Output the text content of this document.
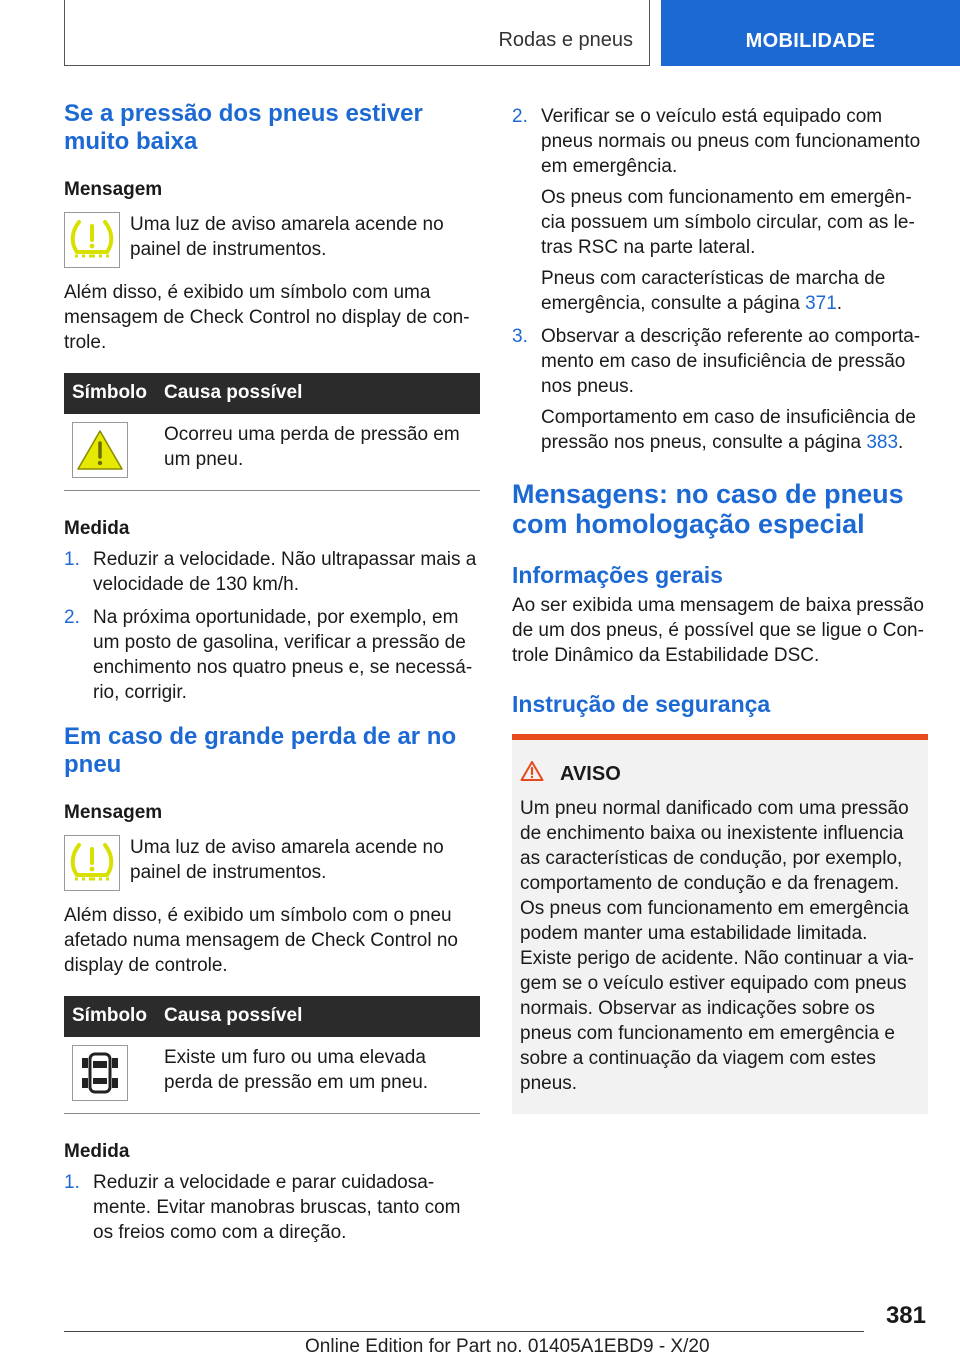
Rodas e pneus	MOBILIDADE
Se a pressão dos pneus estiver muito baixa
Mensagem
Uma luz de aviso amarela acende no painel de instrumentos.
Além disso, é exibido um símbolo com uma mensagem de Check Control no display de controle.
Símbolo	Causa possível

	Ocorreu uma perda de pressão em um pneu.
Medida
1. Reduzir a velocidade. Não ultrapassar mais a velocidade de 130 km/h.
2. Na próxima oportunidade, por exemplo, em um posto de gasolina, verificar a pressão de enchimento nos quatro pneus e, se necessário, corrigir.
Em caso de grande perda de ar no pneu
Mensagem
Uma luz de aviso amarela acende no painel de instrumentos.
Além disso, é exibido um símbolo com o pneu afetado numa mensagem de Check Control no display de controle.
Símbolo	Causa possível

	Existe um furo ou uma elevada perda de pressão em um pneu.
Medida
1. Reduzir a velocidade e parar cuidadosamente. Evitar manobras bruscas, tanto com os freios como com a direção.
2. Verificar se o veículo está equipado com pneus normais ou pneus com funcionamento em emergência.

Os pneus com funcionamento em emergência possuem um símbolo circular, com as letras RSC na parte lateral.

Pneus com características de marcha de emergência, consulte a página 371.

3. Observar a descrição referente ao comportamento em caso de insuficiência de pressão nos pneus.

Comportamento em caso de insuficiência de pressão nos pneus, consulte a página 383.

Mensagens: no caso de pneus com homologação especial
Informações gerais
Ao ser exibida uma mensagem de baixa pressão de um dos pneus, é possível que se ligue o Controle Dinâmico da Estabilidade DSC.
Instrução de segurança
AVISO
Um pneu normal danificado com uma pressão de enchimento baixa ou inexistente influencia as características de condução, por exemplo, comportamento de condução e da frenagem. Os pneus com funcionamento em emergência podem manter uma estabilidade limitada. Existe perigo de acidente. Não continuar a viagem se o veículo estiver equipado com pneus normais. Observar as indicações sobre os pneus com funcionamento em emergência e sobre a continuação da viagem com estes pneus.
381
Online Edition for Part no. 01405A1EBD9 - X/20
